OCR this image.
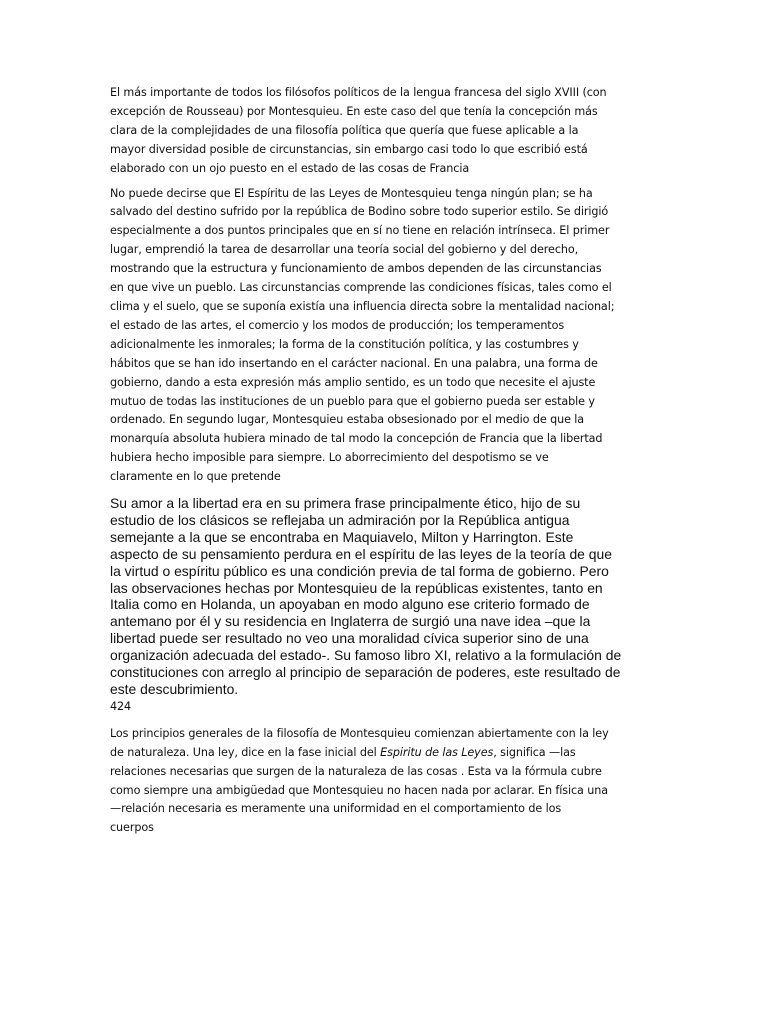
El más importante de todos los filósofos políticos de la lengua francesa del siglo XVIII (con
excepción de Rousseau) por Montesquieu. En este caso del que tenía la concepción más
clara de la complejidades de una filosofía política que quería que fuese aplicable a la
mayor diversidad posible de circunstancias, sin embargo casi todo lo que escribió está
elaborado con un ojo puesto en el estado de las cosas de Francia

No puede decirse que El Espíritu de las Leyes de Montesquieu tenga ningún plan; se ha
salvado del destino sufrido por la república de Bodino sobre todo superior estilo. Se dirigió
especialmente a dos puntos principales que en sí no tiene en relación intrínseca. El primer
lugar, emprendió la tarea de desarrollar una teoría social del gobierno y del derecho,
mostrando que la estructura y funcionamiento de ambos dependen de las circunstancias
en que vive un pueblo. Las circunstancias comprende las condiciones físicas, tales como el
clima y el suelo, que se suponía existía una influencia directa sobre la mentalidad nacional;
el estado de las artes, el comercio y los modos de producción; los temperamentos
adicionalmente les inmorales; la forma de la constitución política, y las costumbres y
hábitos que se han ido insertando en el carácter nacional. En una palabra, una forma de
gobierno, dando a esta expresión más amplio sentido, es un todo que necesite el ajuste
mutuo de todas las instituciones de un pueblo para que el gobierno pueda ser estable y
ordenado. En segundo lugar, Montesquieu estaba obsesionado por el medio de que la
monarquía absoluta hubiera minado de tal modo la concepción de Francia que la libertad
hubiera hecho imposible para siempre. Lo aborrecimiento del despotismo se ve
claramente en lo que pretende

Su amor a la libertad era en su primera frase principalmente ético, hijo de su
estudio de los clásicos se reflejaba un admiración por la República antigua
semejante a la que se encontraba en Maquiavelo, Milton y Harrington. Este
aspecto de su pensamiento perdura en el espíritu de las leyes de la teoría de que
la virtud o espíritu público es una condición previa de tal forma de gobierno. Pero
las observaciones hechas por Montesquieu de la repúblicas existentes, tanto en
Italia como en Holanda, un apoyaban en modo alguno ese criterio formado de
antemano por él y su residencia en Inglaterra de surgió una nave idea –que la
libertad puede ser resultado no veo una moralidad cívica superior sino de una
organización adecuada del estado-. Su famoso libro XI, relativo a la formulación de
constituciones con arreglo al principio de separación de poderes, este resultado de
este descubrimiento.

424

Los principios generales de la filosofía de Montesquieu comienzan abiertamente con la ley
de naturaleza. Una ley, dice en la fase inicial del Espiritu de las Leyes, significa —las
relaciones necesarias que surgen de la naturaleza de las cosas . Esta va la fórmula cubre
como siempre una ambigüedad que Montesquieu no hacen nada por aclarar. En física una
—relación necesaria es meramente una uniformidad en el comportamiento de los
cuerpos
